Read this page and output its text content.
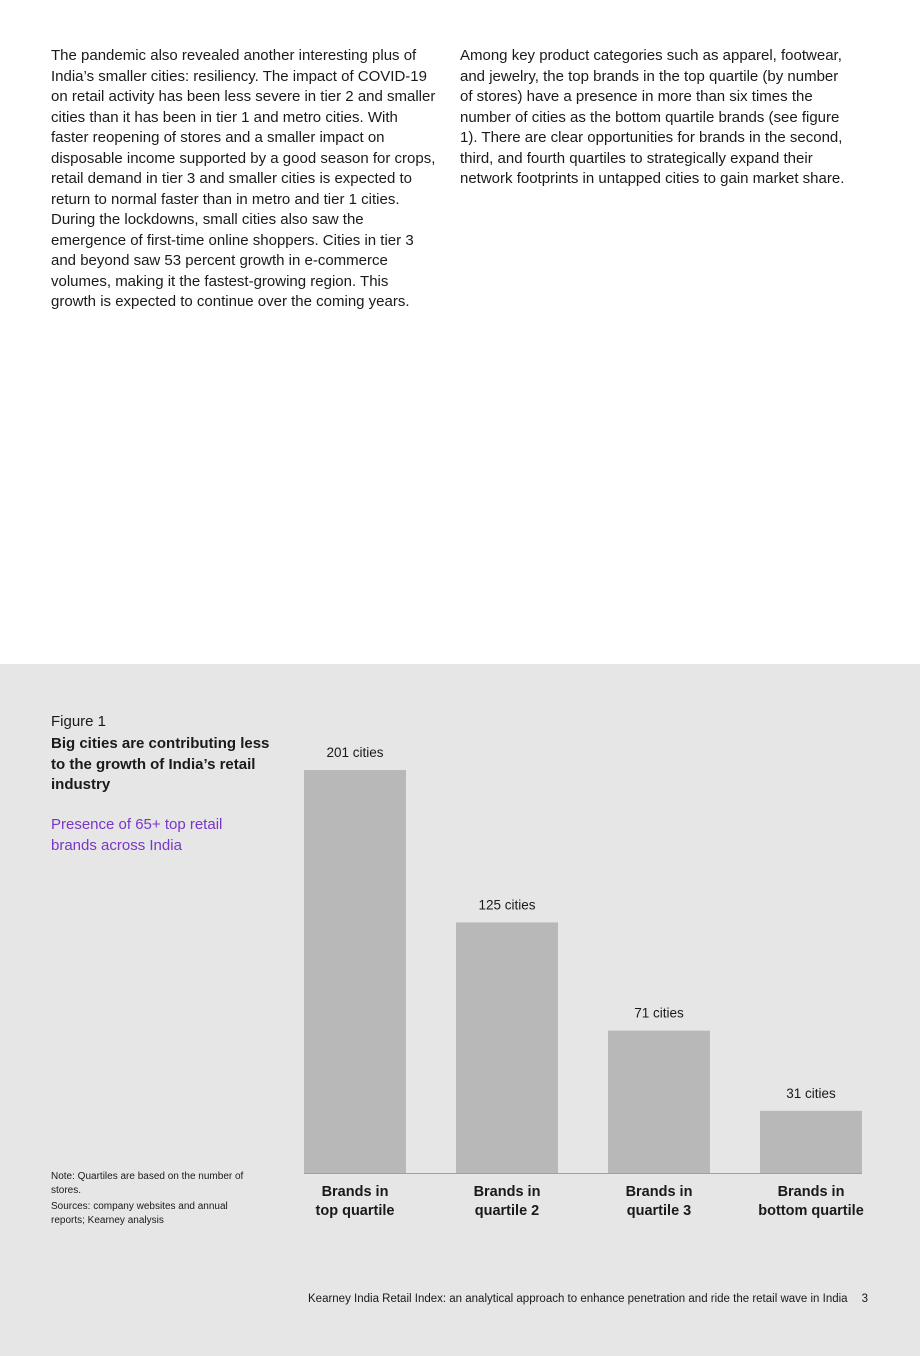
The pandemic also revealed another interesting plus of India’s smaller cities: resiliency. The impact of COVID-19 on retail activity has been less severe in tier 2 and smaller cities than it has been in tier 1 and metro cities. With faster reopening of stores and a smaller impact on disposable income supported by a good season for crops, retail demand in tier 3 and smaller cities is expected to return to normal faster than in metro and tier 1 cities. During the lockdowns, small cities also saw the emergence of first-time online shoppers. Cities in tier 3 and beyond saw 53 percent growth in e-commerce volumes, making it the fastest-growing region. This growth is expected to continue over the coming years.
Among key product categories such as apparel, footwear, and jewelry, the top brands in the top quartile (by number of stores) have a presence in more than six times the number of cities as the bottom quartile brands (see figure 1). There are clear opportunities for brands in the second, third, and fourth quartiles to strategically expand their network footprints in untapped cities to gain market share.
Figure 1
Big cities are contributing less to the growth of India’s retail industry
Presence of 65+ top retail brands across India
Note: Quartiles are based on the number of stores.
Sources: company websites and annual reports; Kearney analysis
201 cities
125 cities
71 cities
31 cities
Brands in
top quartile
Brands in
quartile 2
Brands in
quartile 3
Brands in
bottom quartile
Kearney India Retail Index: an analytical approach to enhance penetration and ride the retail wave in India 3
